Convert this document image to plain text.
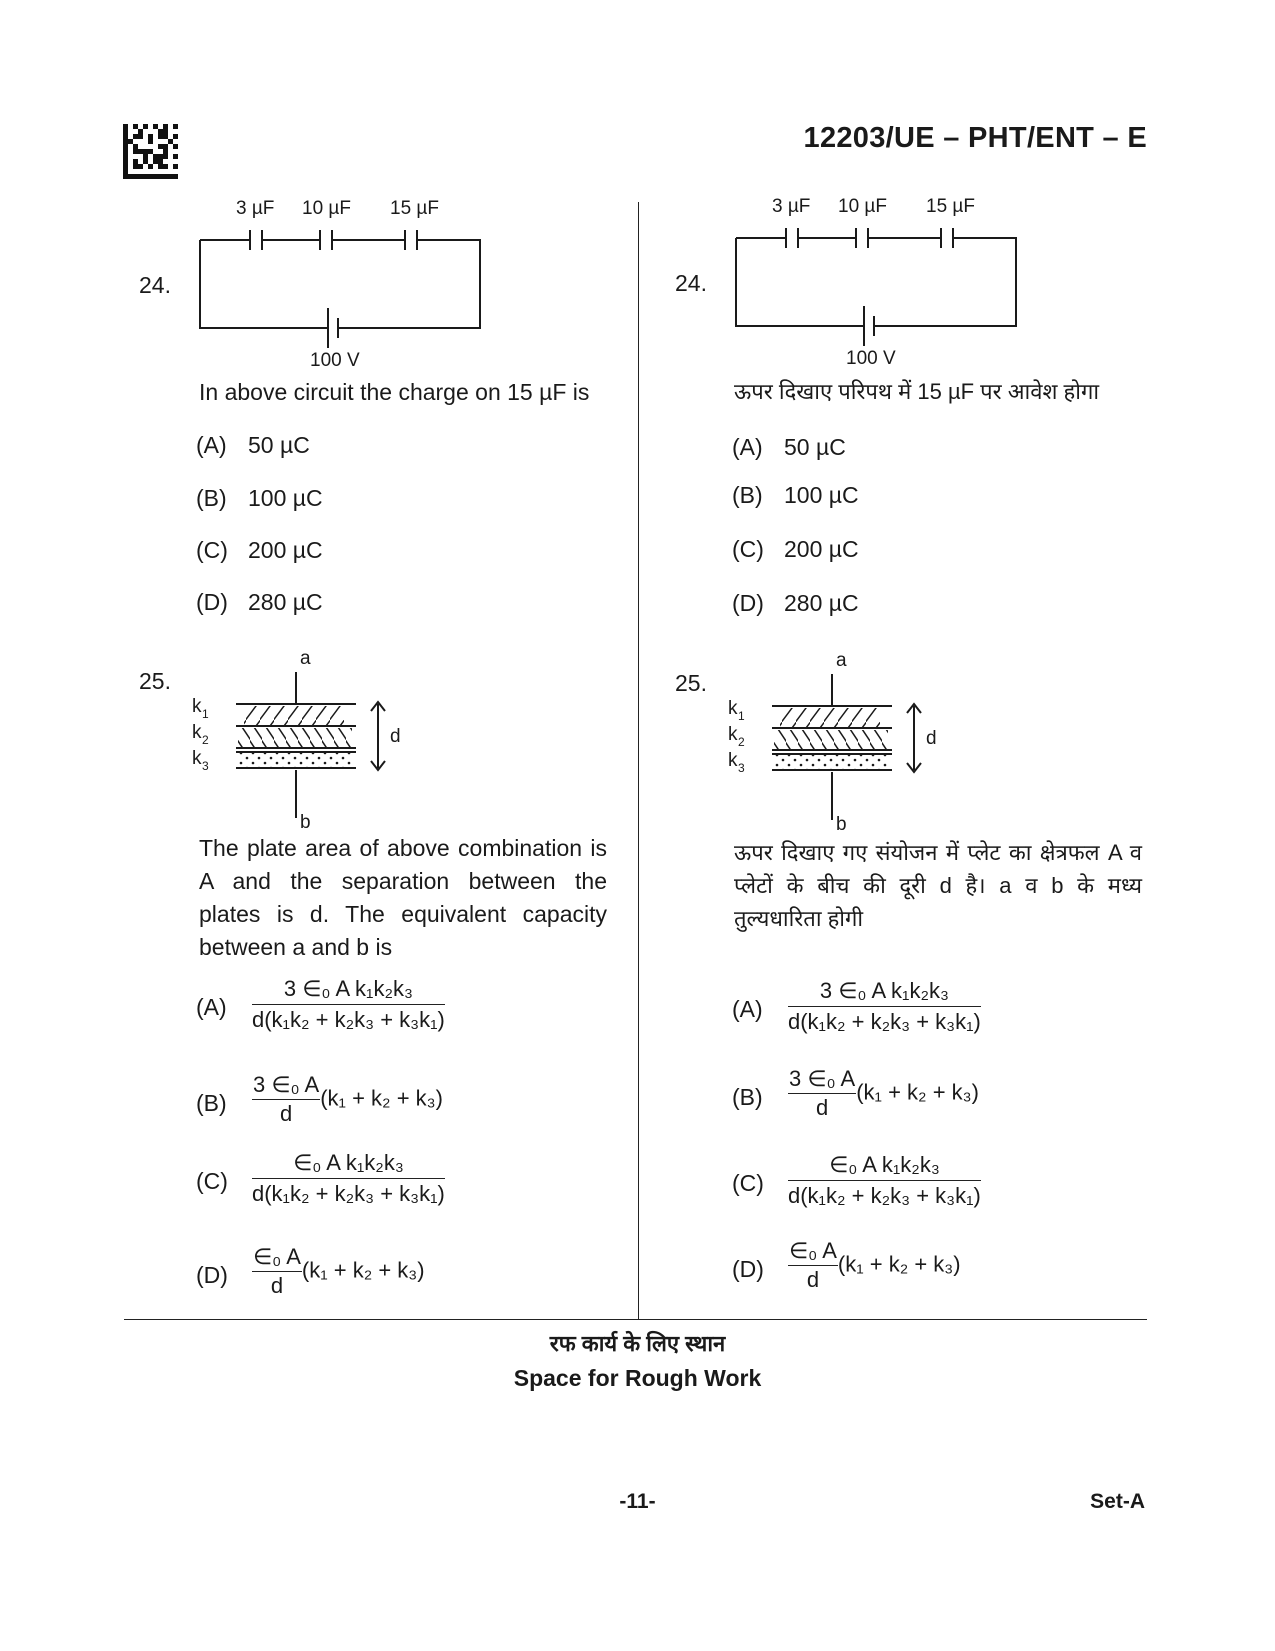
12203/UE – PHT/ENT – E
24.
3 µF 10 µF 15 µF
100 V
In above circuit the charge on 15 µF is
(A) 50 µC
(B) 100 µC
(C) 200 µC
(D) 280 µC
25.
a
b
d
k 1
k 2
k 3
The plate area of above combination is A and the separation between the plates is d. The equivalent capacity between a and b is
$(A) \frac{\text{3 ∈₀ A k₁k₂k₃}}{\text{d(k₁k₂ + k₂k₃ + k₃k₁)}}$
$(B) \frac{\text{3 ∈₀ A}}{d} (k_1 + k_2 + k_3)$
$(C) \frac{\text{∈₀ A k₁k₂k₃}}{\text{d(k₁k₂ + k₂k₃ + k₃k₁)}}$
$(D) \frac{\text{∈₀ A}}{d} (k_1 + k_2 + k_3)$
24.
3 µF 10 µF 15 µF
100 V
ऊपर दिखाए परिपथ में 15 µF पर आवेश होगा
(A) 50 µC
(B) 100 µC
(C) 200 µC
(D) 280 µC
25.
a
b
d
k 1
k 2
k 3
ऊपर दिखाए गए संयोजन में प्लेट का क्षेत्रफल A व प्लेटों के बीच की दूरी d है। a व b के मध्य तुल्यधारिता होगी
$(A) \frac{\text{3 ∈₀ A k₁k₂k₃}}{\text{d(k₁k₂ + k₂k₃ + k₃k₁)}}$
$(B) \frac{\text{3 ∈₀ A}}{d} (k_1 + k_2 + k_3)$
$(C) \frac{\text{∈₀ A k₁k₂k₃}}{\text{d(k₁k₂ + k₂k₃ + k₃k₁)}}$
$(D) \frac{\text{∈₀ A}}{d} (k_1 + k_2 + k_3)$
रफ कार्य के लिए स्थान
Space for Rough Work
-11-	Set-A
